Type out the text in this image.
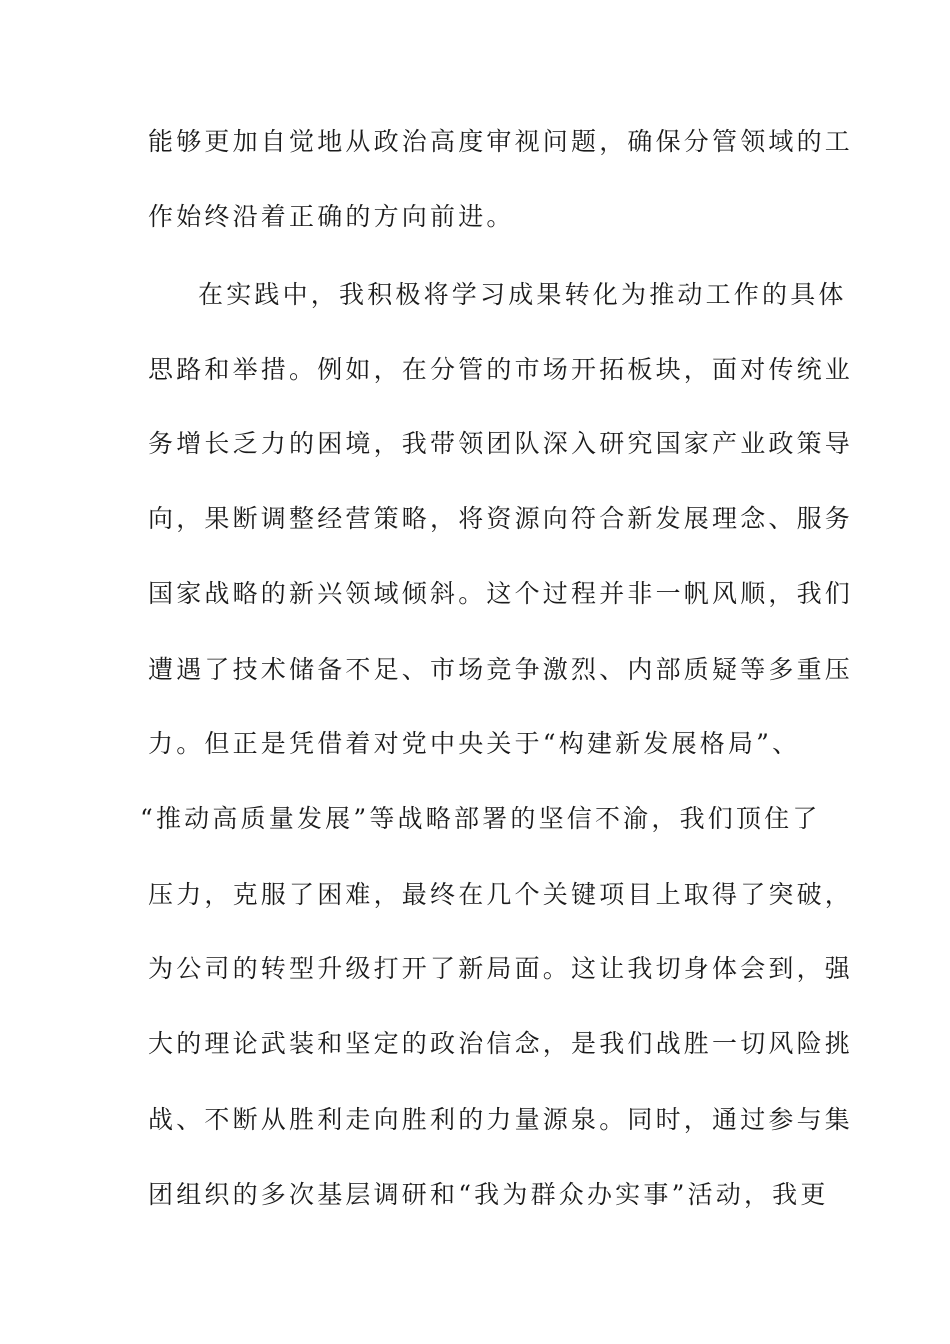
能够更加自觉地从政治高度审视问题，确保分管领域的工
作始终沿着正确的方向前进。
在实践中，我积极将学习成果转化为推动工作的具体
思路和举措。例如，在分管的市场开拓板块，面对传统业
务增长乏力的困境，我带领团队深入研究国家产业政策导
向，果断调整经营策略，将资源向符合新发展理念、服务
国家战略的新兴领域倾斜。这个过程并非一帆风顺，我们
遭遇了技术储备不足、市场竞争激烈、内部质疑等多重压
力。但正是凭借着对党中央关于“构建新发展格局”、
“推动高质量发展”等战略部署的坚信不渝，我们顶住了
压力，克服了困难，最终在几个关键项目上取得了突破，
为公司的转型升级打开了新局面。这让我切身体会到，强
大的理论武装和坚定的政治信念，是我们战胜一切风险挑
战、不断从胜利走向胜利的力量源泉。同时，通过参与集
团组织的多次基层调研和“我为群众办实事”活动，我更
